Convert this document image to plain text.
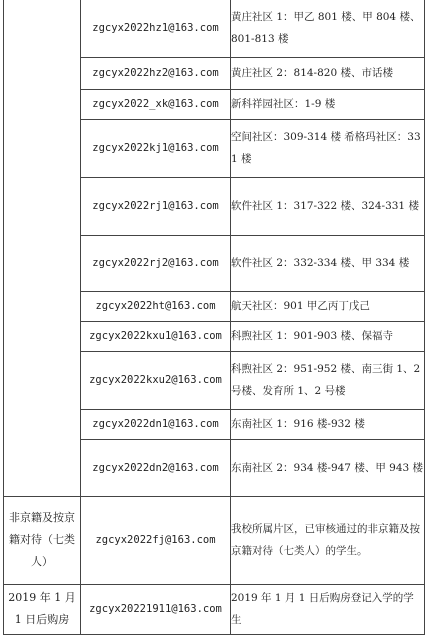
	zgcyx2022hz1@163.com	黄庄社区 1：甲乙 801 楼、甲 804 楼、801-813 楼
	zgcyx2022hz2@163.com	黄庄社区 2：814-820 楼、市话楼
	zgcyx2022_xk@163.com	新科祥园社区：1-9 楼
	zgcyx2022kj1@163.com	空间社区：309-314 楼 希格玛社区：331 楼
	zgcyx2022rj1@163.com	软件社区 1：317-322 楼、324-331 楼
	zgcyx2022rj2@163.com	软件社区 2：332-334 楼、甲 334 楼
	zgcyx2022ht@163.com	航天社区：901 甲乙丙丁戊己
	zgcyx2022kxu1@163.com	科煦社区 1：901-903 楼、保福寺
	zgcyx2022kxu2@163.com	科煦社区 2：951-952 楼、南三街 1、2 号楼、发育所 1、2 号楼
	zgcyx2022dn1@163.com	东南社区 1：916 楼-932 楼
	zgcyx2022dn2@163.com	东南社区 2：934 楼-947 楼、甲 943 楼
非京籍及按京籍对待（七类人）	zgcyx2022fj@163.com	我校所属片区，已审核通过的非京籍及按京籍对待（七类人）的学生。
2019 年 1 月 1 日后购房	zgcyx20221911@163.com	2019 年 1 月 1 日后购房登记入学的学生
